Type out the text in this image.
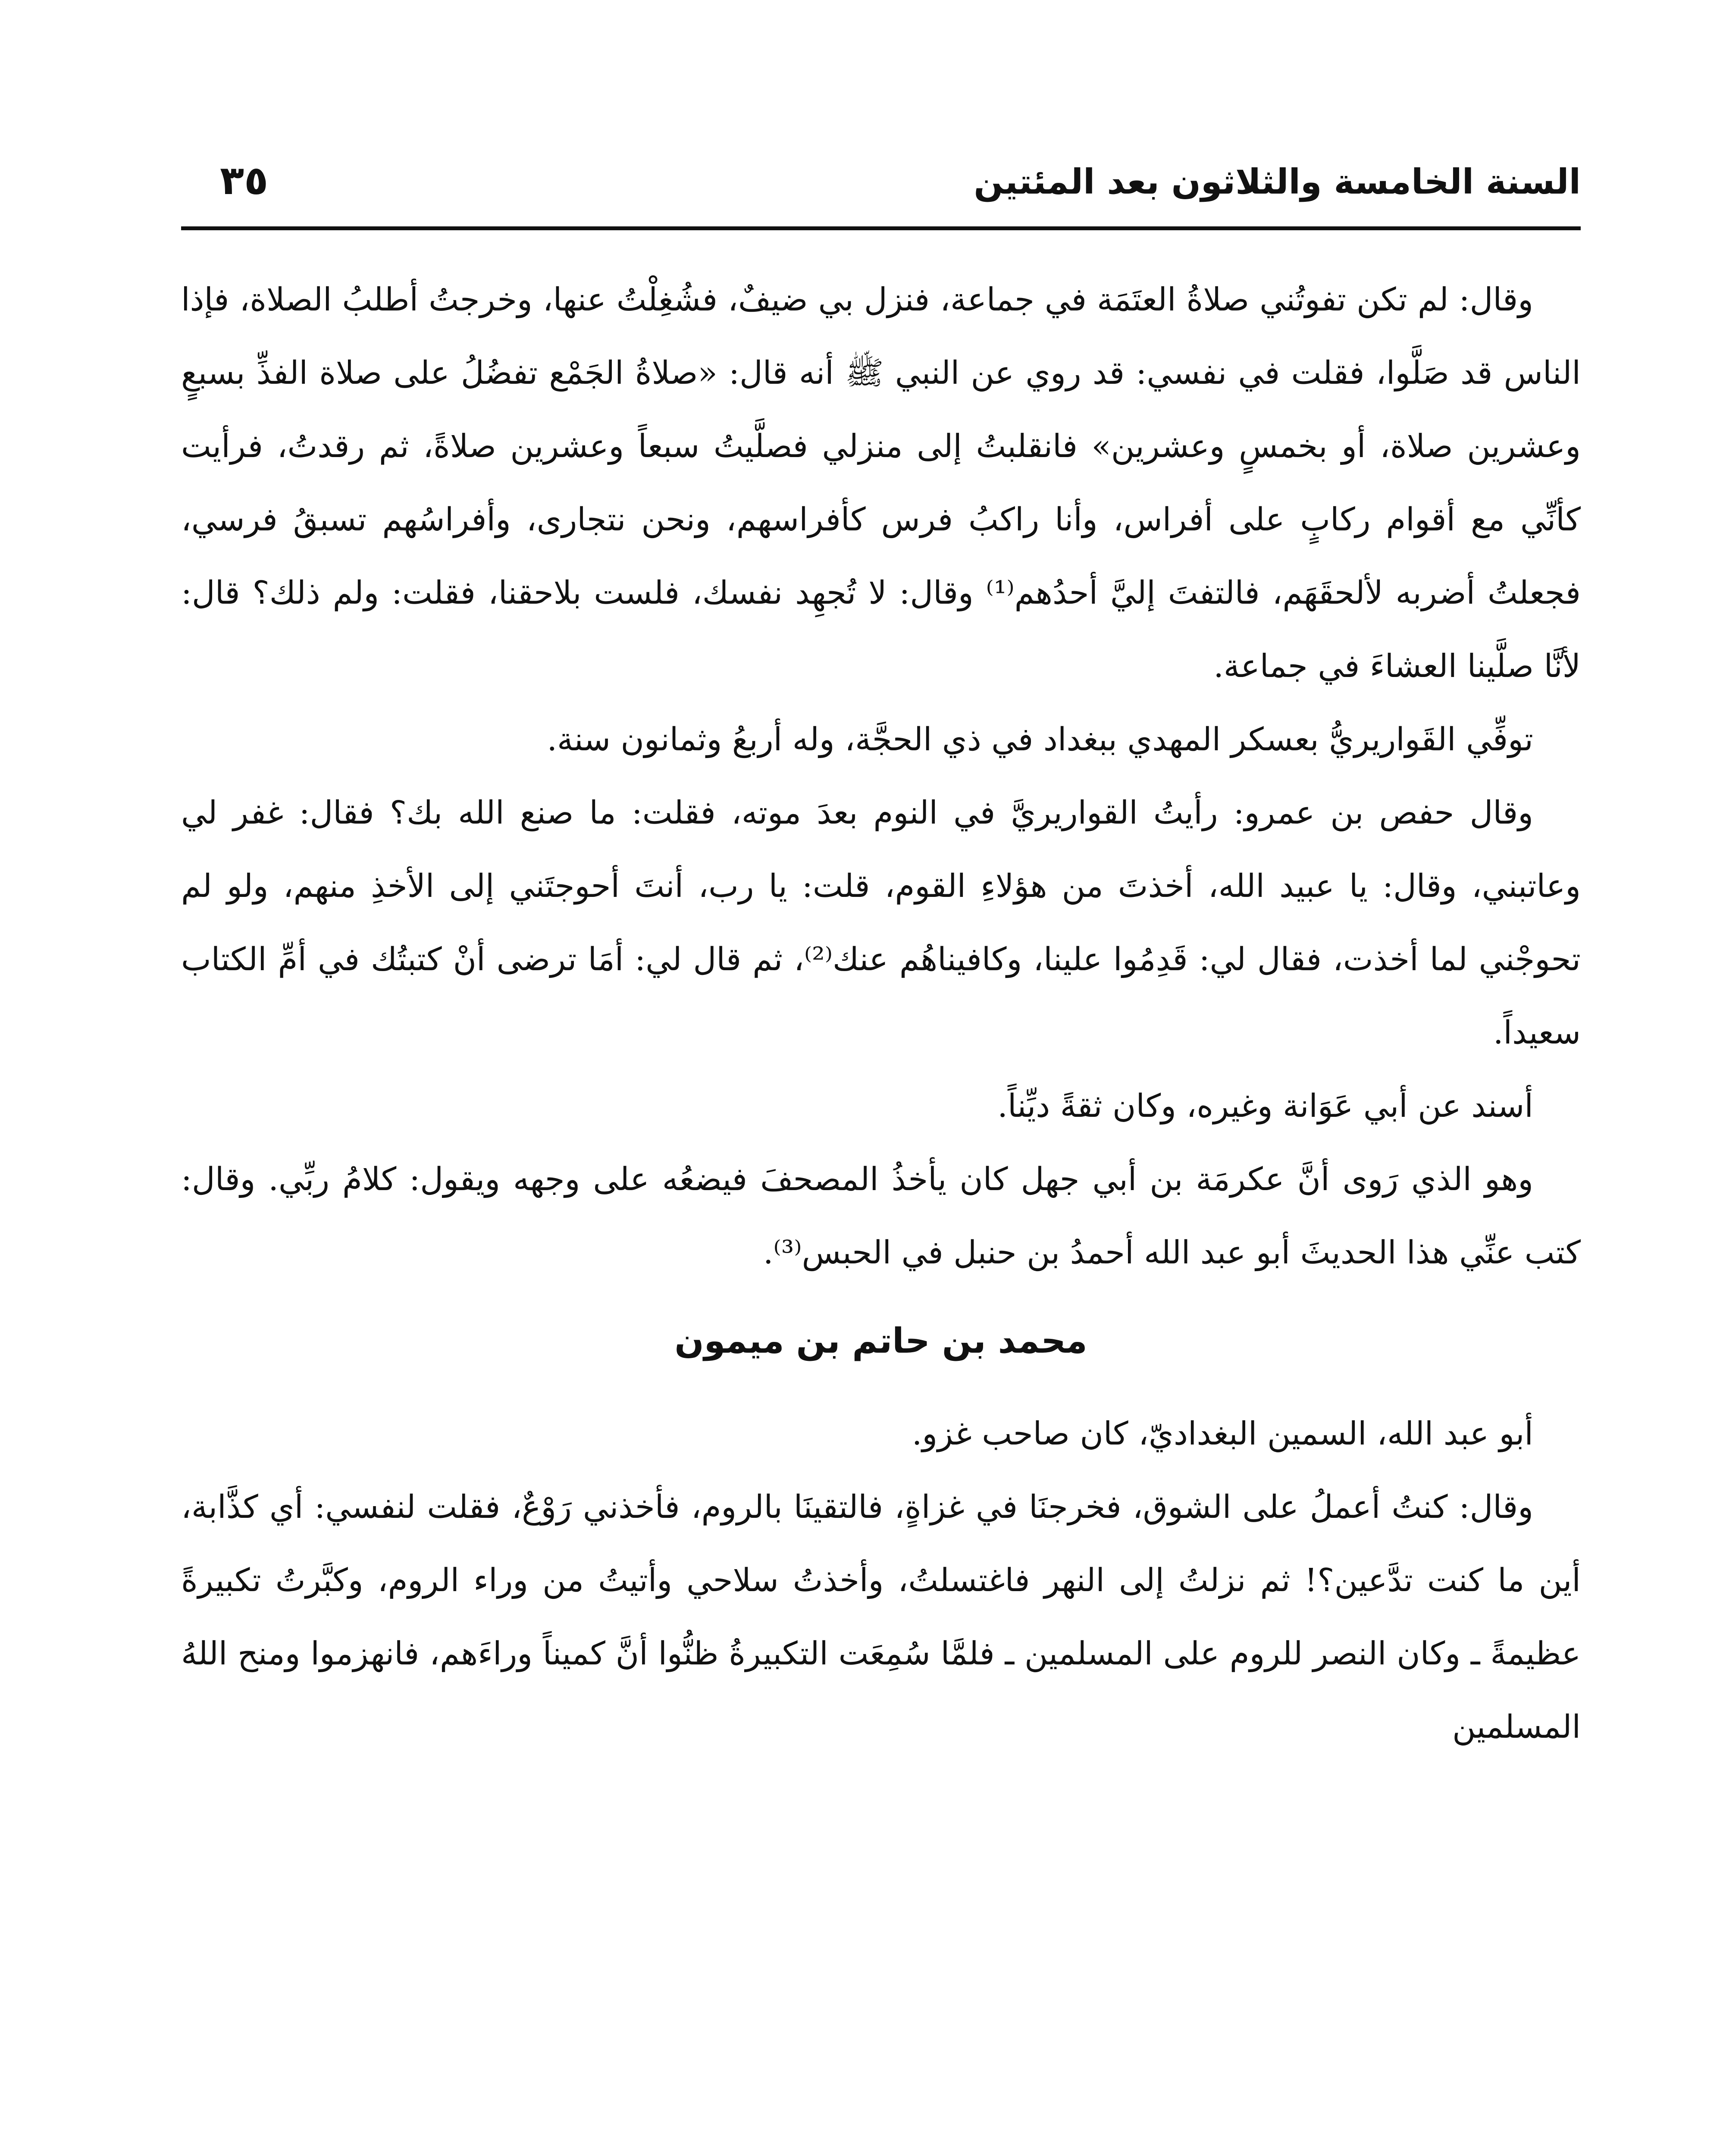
السنة الخامسة والثلاثون بعد المئتين
٣٥

وقال: لم تكن تفوتُني صلاةُ العتَمَة في جماعة، فنزل بي ضيفٌ، فشُغِلْتُ عنها، وخرجتُ أطلبُ الصلاة، فإذا الناس قد صَلَّوا، فقلت في نفسي: قد روي عن النبي ﷺ أنه قال: «صلاةُ الجَمْع تفضُلُ على صلاة الفذِّ بسبعٍ وعشرين صلاة، أو بخمسٍ وعشرين» فانقلبتُ إلى منزلي فصلَّيتُ سبعاً وعشرين صلاةً، ثم رقدتُ، فرأيت كأنِّي مع أقوام ركابٍ على أفراس، وأنا راكبُ فرس كأفراسهم، ونحن نتجارى، وأفراسُهم تسبقُ فرسي، فجعلتُ أضربه لألحقَهَم، فالتفتَ إليَّ أحدُهم⁽¹⁾ وقال: لا تُجهِد نفسك، فلست بلاحقنا، فقلت: ولم ذلك؟ قال: لأنَّا صلَّينا العشاءَ في جماعة.

توفِّي القَواريريُّ بعسكر المهدي ببغداد في ذي الحجَّة، وله أربعُ وثمانون سنة.

وقال حفص بن عمرو: رأيتُ القواريريَّ في النوم بعدَ موته، فقلت: ما صنع الله بك؟ فقال: غفر لي وعاتبني، وقال: يا عبيد الله، أخذتَ من هؤلاءِ القوم، قلت: يا رب، أنتَ أحوجتَني إلى الأخذِ منهم، ولو لم تحوجْني لما أخذت، فقال لي: قَدِمُوا علينا، وكافيناهُم عنك⁽²⁾، ثم قال لي: أمَا ترضى أنْ كتبتُك في أمِّ الكتاب سعيداً.

أسند عن أبي عَوَانة وغيره، وكان ثقةً ديِّناً.

وهو الذي رَوى أنَّ عكرمَة بن أبي جهل كان يأخذُ المصحفَ فيضعُه على وجهه ويقول: كلامُ ربِّي. وقال: كتب عنِّي هذا الحديثَ أبو عبد الله أحمدُ بن حنبل في الحبس⁽³⁾.

محمد بن حاتم بن ميمون

أبو عبد الله، السمين البغداديّ، كان صاحب غزو.

وقال: كنتُ أعملُ على الشوق، فخرجنَا في غزاةٍ، فالتقينَا بالروم، فأخذني رَوْعٌ، فقلت لنفسي: أي كذَّابة، أين ما كنت تدَّعين؟! ثم نزلتُ إلى النهر فاغتسلتُ، وأخذتُ سلاحي وأتيتُ من وراء الروم، وكبَّرتُ تكبيرةً عظيمةً ـ وكان النصر للروم على المسلمين ـ فلمَّا سُمِعَت التكبيرةُ ظنُّوا أنَّ كميناً وراءَهم، فانهزموا ومنح اللهُ المسلمين
